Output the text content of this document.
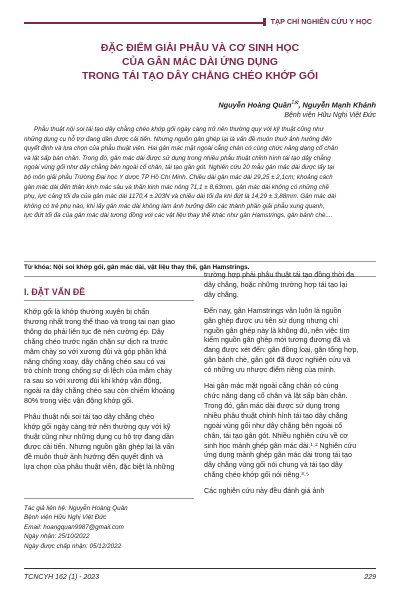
TẠP CHÍ NGHIÊN CỨU Y HỌC
ĐẶC ĐIỂM GIẢI PHẪU VÀ CƠ SINH HỌC
CỦA GÂN MÁC DÀI ỨNG DỤNG
TRONG TÁI TẠO DÂY CHẰNG CHÉO KHỚP GỐI
Nguyễn Hoàng Quân$^{1⊠}$, Nguyễn Mạnh Khánh
Bệnh viện Hữu Nghị Việt Đức
Phẫu thuật nội soi tái tạo dây chằng chéo khớp gối ngày càng trở nên thường quy với kỹ thuật cũng như
những dụng cụ hỗ trợ đang dần được cải tiến. Nhưng nguồn gân ghép lại là vấn đề muôn thuở ảnh hưởng đến
quyết định và lựa chọn của phẫu thuật viên. Hai gân mác mặt ngoài cẳng chân có cùng chức năng dạng cổ chân
và lật sấp bàn chân. Trong đó, gân mác dài được sử dụng trong nhiều phẫu thuật chỉnh hình tái tạo dây chằng
ngoài vùng gối như dây chằng bên ngoài cổ chân, tái tạo gân gót. Nghiên cứu 20 mẫu gân mác dài được lấy tại
bộ môn giải phẫu Trường Đại học Y dược TP Hồ Chí Minh. Chiều dài gân mác dài 29,25 ± 2,1cm; khoảng cách
gân mác dài đến thân kinh mác sâu và thần kinh mác nông 71,1 ± 8,63mm, gân mác dài không có những chẽ
phụ, lực căng tối đa của gân mác dài 1170,4 ± 203N và chiều dài tối đa khi đứt là 14,29 ± 3,88mm. Gân mác dài
không có trẻ phụ nào, khi lấy gân mác dài không làm ảnh hưởng đến các thành phần giải phẫu xung quanh,
lực đứt tối đa của gân mác dài tương đồng với các vật liệu thay thế khác như gân Hamstrings, gân bánh chè....
Từ khóa: Nội soi khớp gối, gân mác dài, vật liệu thay thế, gân Hamstrings.
I. ĐẶT VẤN ĐỀ
Khớp gối là khớp thường xuyên bị chấn
thương nhất trong thể thao và trong tai nạn giao
thông do phải liên tục đè nén cường ép. Dây
chằng chéo trước ngăn chặn sự dịch ra trước
mâm chày so với xương đùi và góp phần khả
năng chống xoay, dây chằng chéo sau có vai
trò chính trong chống sự di lệch của mâm chày
ra sau so với xương đùi khi khớp vận động,
ngoài ra dây chằng chéo sau còn chiếm khoảng
80% trong việc vận động khớp gối.
Phẫu thuật nội soi tái tạo dây chằng chéo
khớp gối ngày càng trở nên thường quy với kỹ
thuật cũng như những dụng cụ hỗ trợ đang dần
được cải tiến. Nhưng nguồn gân ghép lại là vấn
đề muôn thuở ảnh hưởng đến quyết định và
lựa chọn của phẫu thuật viên, đặc biệt là những
Tác giả liên hệ: Nguyễn Hoàng Quân
Bệnh viện Hữu Nghị Việt Đức
Email: hoangquan9987@gmail.com
Ngày nhận: 25/10/2022
Ngày được chấp nhận: 05/12/2022
trường hợp phải phẫu thuật tái tạo đồng thời đa
dây chằng, hoặc những trường hợp tái tạo lại
dây chằng.
Đến nay, gân Hamstrings vẫn luôn là nguồn
gân ghép được ưu tiên sử dụng nhưng chỉ
nguồn gân ghép này là không đủ, nên việc tìm
kiếm nguồn gân ghép mới tương đương đã và
đang được xét đến: gân đồng loại, gân tổng hợp,
gân bánh chè, gân gót đã được nghiên cứu và
có những ưu nhược điểm riêng của mình.
Hai gân mác mặt ngoài cẳng chân có cùng
chức năng dạng cổ chân và lật sấp bàn chân.
Trong đó, gân mác dài được sử dụng trong
nhiều phẫu thuật chỉnh hình tái tạo dây chằng
ngoài vùng gối như dây chằng bên ngoài cổ
chân, tái tạo gân gót. Nhiều nghiên cứu về cơ
sinh học mảnh ghép gân mác dài.¹·² Nghiên cứu
ứng dụng mảnh ghép gân mác dài trong tái tạo
dây chằng vùng gối nói chung và tái tạo dây
chằng chéo khớp gối nói riêng.³·⁵
Các nghiên cứu này đều đánh giá ảnh
TCNCYH 162 (1) - 2023	229
